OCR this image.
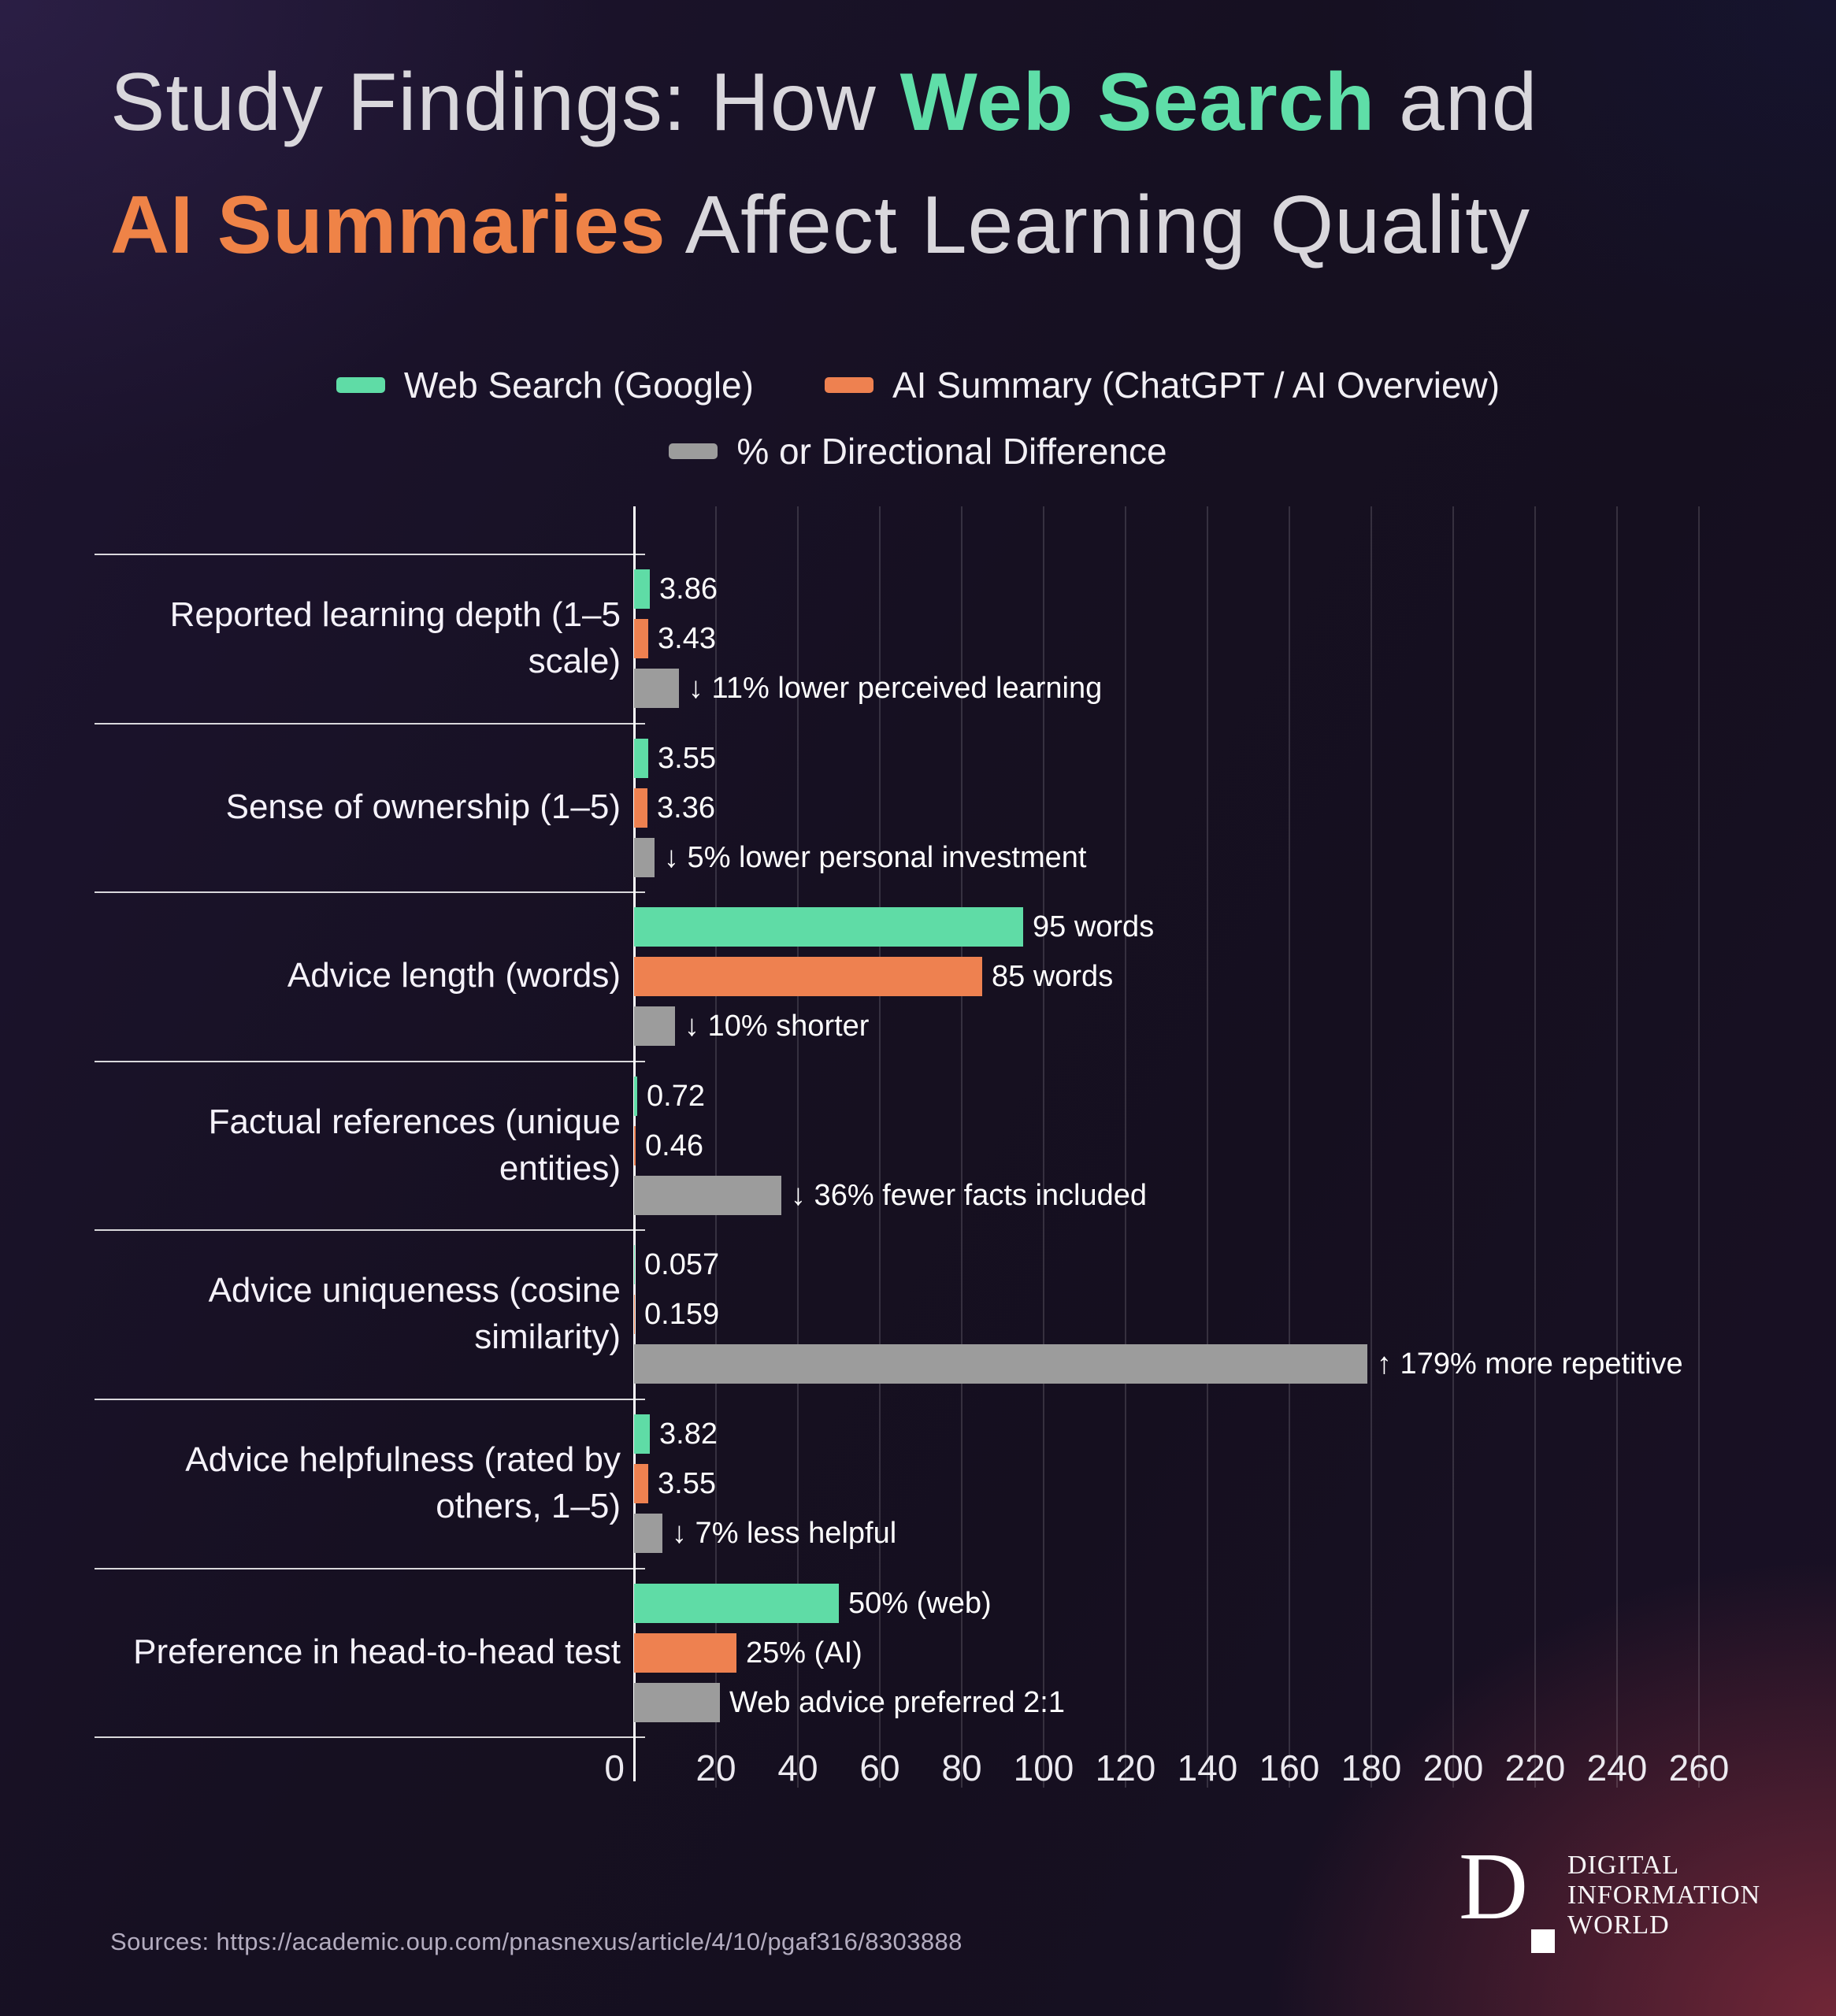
Study Findings: How Web Search and
AI Summaries Affect Learning Quality
Web Search (Google)	AI Summary (ChatGPT / AI Overview)
% or Directional Difference
Reported learning depth (1–5 scale)
3.86
3.43
↓ 11% lower perceived learning
Sense of ownership (1–5)
3.55
3.36
↓ 5% lower personal investment
Advice length (words)
95 words
85 words
↓ 10% shorter
Factual references (unique entities)
0.72
0.46
↓ 36% fewer facts included
Advice uniqueness (cosine similarity)
0.057
0.159
↑ 179% more repetitive
Advice helpfulness (rated by others, 1–5)
3.82
3.55
↓ 7% less helpful
Preference in head-to-head test
50% (web)
25% (AI)
Web advice preferred 2:1
0 20 40 60 80 100 120 140 160 180 200 220 240 260
Sources: https://academic.oup.com/pnasnexus/article/4/10/pgaf316/8303888
D	DIGITAL
INFORMATION
WORLD
